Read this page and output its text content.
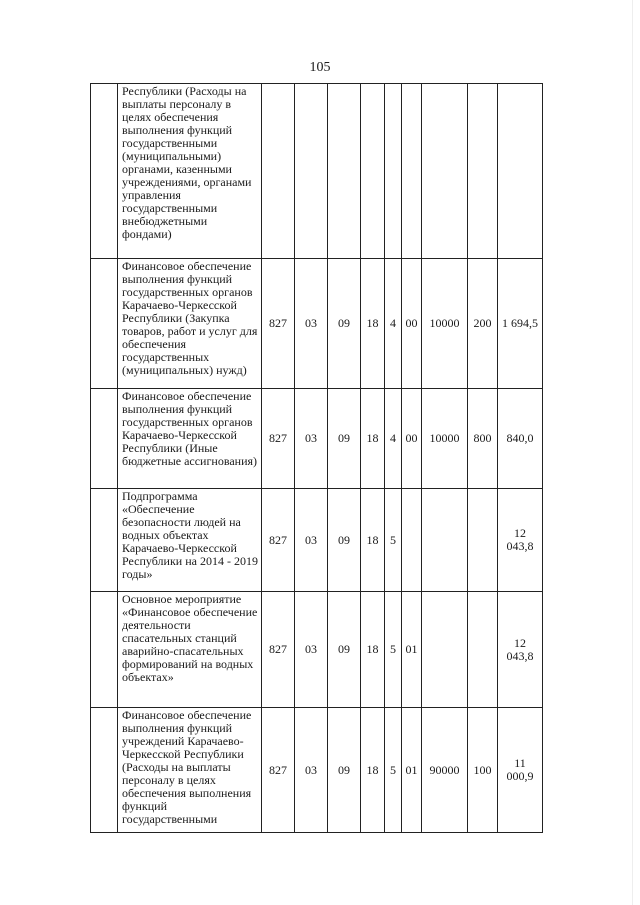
105
	Республики (Расходы на выплаты персоналу в целях обеспечения выполнения функций государственными (муниципальными) органами, казенными учреждениями, органами управления государственными внебюджетными фондами)									
	Финансовое обеспечение выполнения функций государственных органов Карачаево-Черкесской Республики (Закупка товаров, работ и услуг для обеспечения государственных (муниципальных) нужд)	827	03	09	18	4	00	10000	200	1 694,5
	Финансовое обеспечение выполнения функций государственных органов Карачаево-Черкесской Республики (Иные бюджетные ассигнования)	827	03	09	18	4	00	10000	800	840,0
	Подпрограмма «Обеспечение безопасности людей на водных объектах Карачаево-Черкесской Республики на 2014 - 2019 годы»	827	03	09	18	5				12 043,8
	Основное мероприятие «Финансовое обеспечение деятельности спасательных станций аварийно-спасательных формирований на водных объектах»	827	03	09	18	5	01			12 043,8
	Финансовое обеспечение выполнения функций учреждений Карачаево-Черкесской Республики (Расходы на выплаты персоналу в целях обеспечения выполнения функций государственными	827	03	09	18	5	01	90000	100	11 000,9
